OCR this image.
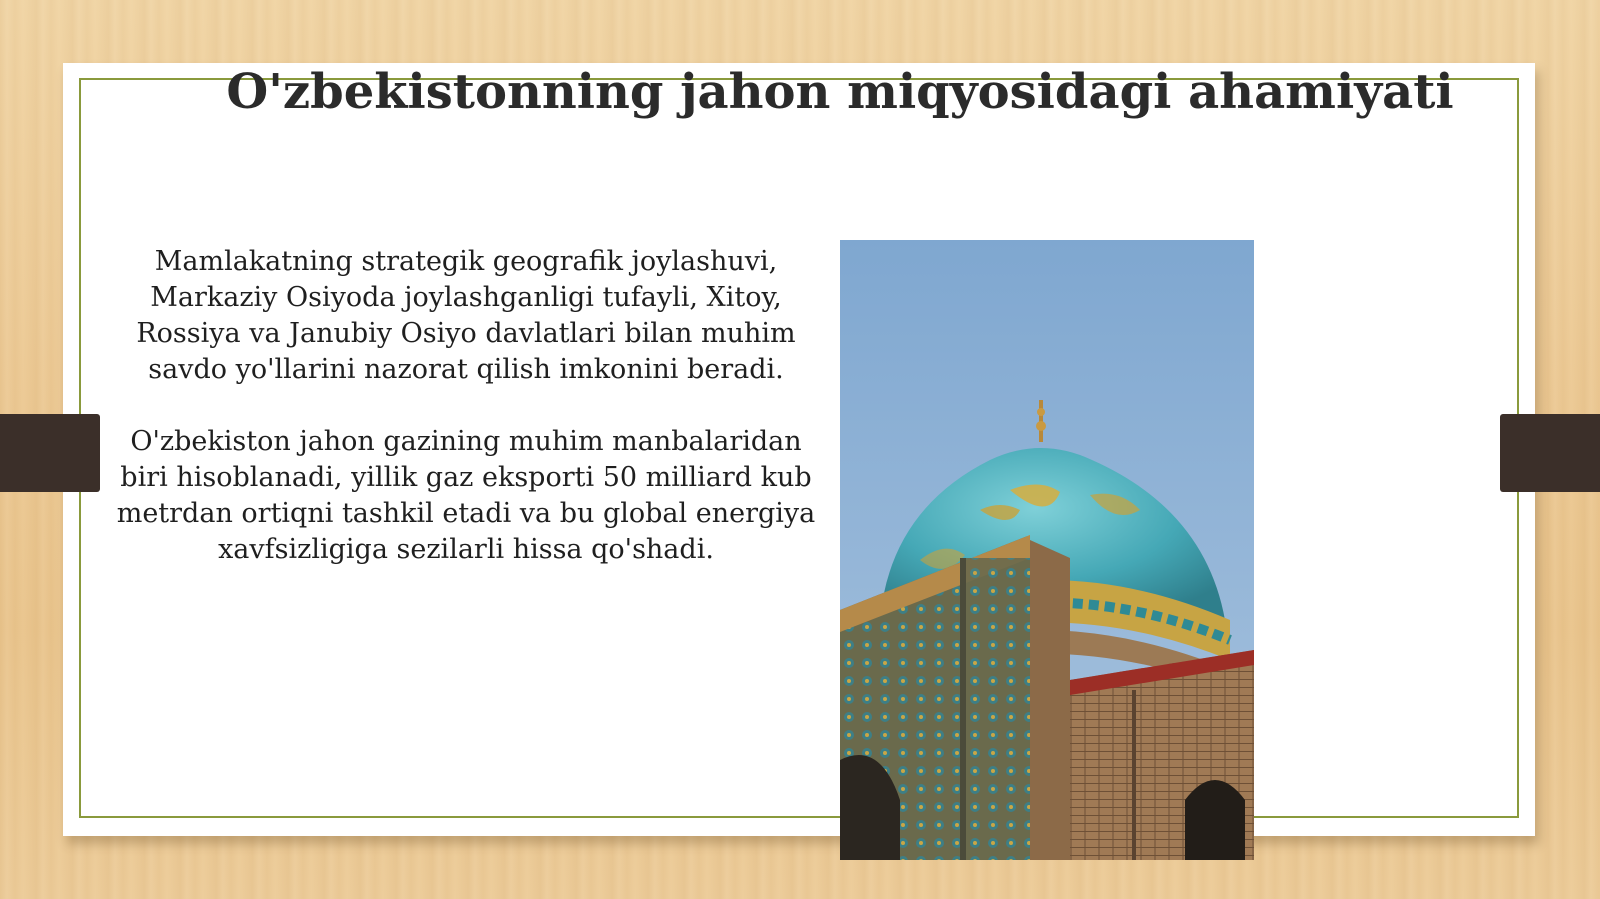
O'zbekistonning jahon miqyosidagi ahamiyati

Mamlakatning strategik geografik joylashuvi, Markaziy Osiyoda joylashganligi tufayli, Xitoy, Rossiya va Janubiy Osiyo davlatlari bilan muhim savdo yo'llarini nazorat qilish imkonini beradi.

O'zbekiston jahon gazining muhim manbalaridan biri hisoblanadi, yillik gaz eksporti 50 milliard kub metrdan ortiqni tashkil etadi va bu global energiya xavfsizligiga sezilarli hissa qo'shadi.
